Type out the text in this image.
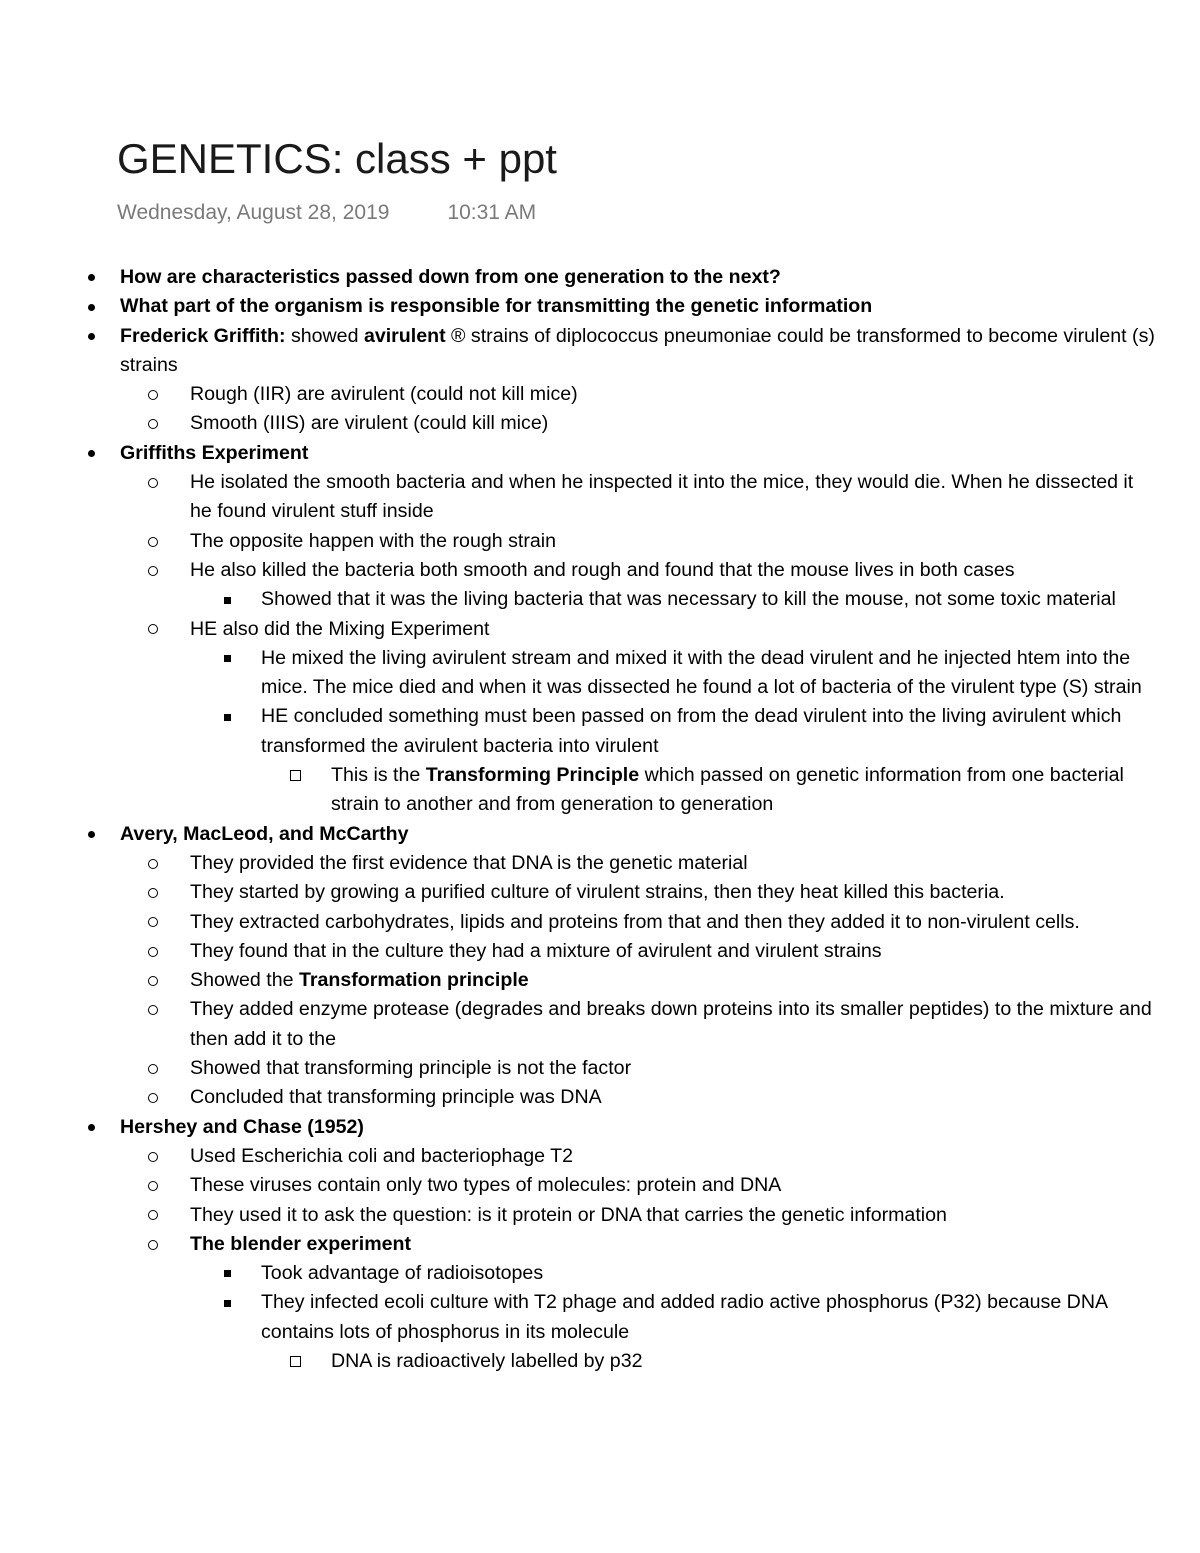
GENETICS: class + ppt
Wednesday, August 28, 2019	10:31 AM
How are characteristics passed down from one generation to the next?
What part of the organism is responsible for transmitting the genetic information
Frederick Griffith: showed avirulent ® strains of diplococcus pneumoniae could be transformed to become virulent (s) strains
Rough (IIR) are avirulent (could not kill mice)
Smooth (IIIS) are virulent (could kill mice)
Griffiths Experiment
He isolated the smooth bacteria and when he inspected it into the mice, they would die. When he dissected it he found virulent stuff inside
The opposite happen with the rough strain
He also killed the bacteria both smooth and rough and found that the mouse lives in both cases
Showed that it was the living bacteria that was necessary to kill the mouse, not some toxic material
HE also did the Mixing Experiment
He mixed the living avirulent stream and mixed it with the dead virulent and he injected htem into the mice. The mice died and when it was dissected he found a lot of bacteria of the virulent type (S) strain
HE concluded something must been passed on from the dead virulent into the living avirulent which transformed the avirulent bacteria into virulent
This is the Transforming Principle which passed on genetic information from one bacterial strain to another and from generation to generation
Avery, MacLeod, and McCarthy
They provided the first evidence that DNA is the genetic material
They started by growing a purified culture of virulent strains, then they heat killed this bacteria.
They extracted carbohydrates, lipids and proteins from that and then they added it to non-virulent cells.
They found that in the culture they had a mixture of avirulent and virulent strains
Showed the Transformation principle
They added enzyme protease (degrades and breaks down proteins into its smaller peptides) to the mixture and then add it to the
Showed that transforming principle is not the factor
Concluded that transforming principle was DNA
Hershey and Chase (1952)
Used Escherichia coli and bacteriophage T2
These viruses contain only two types of molecules: protein and DNA
They used it to ask the question: is it protein or DNA that carries the genetic information
The blender experiment
Took advantage of radioisotopes
They infected ecoli culture with T2 phage and added radio active phosphorus (P32) because DNA contains lots of phosphorus in its molecule
DNA is radioactively labelled by p32
